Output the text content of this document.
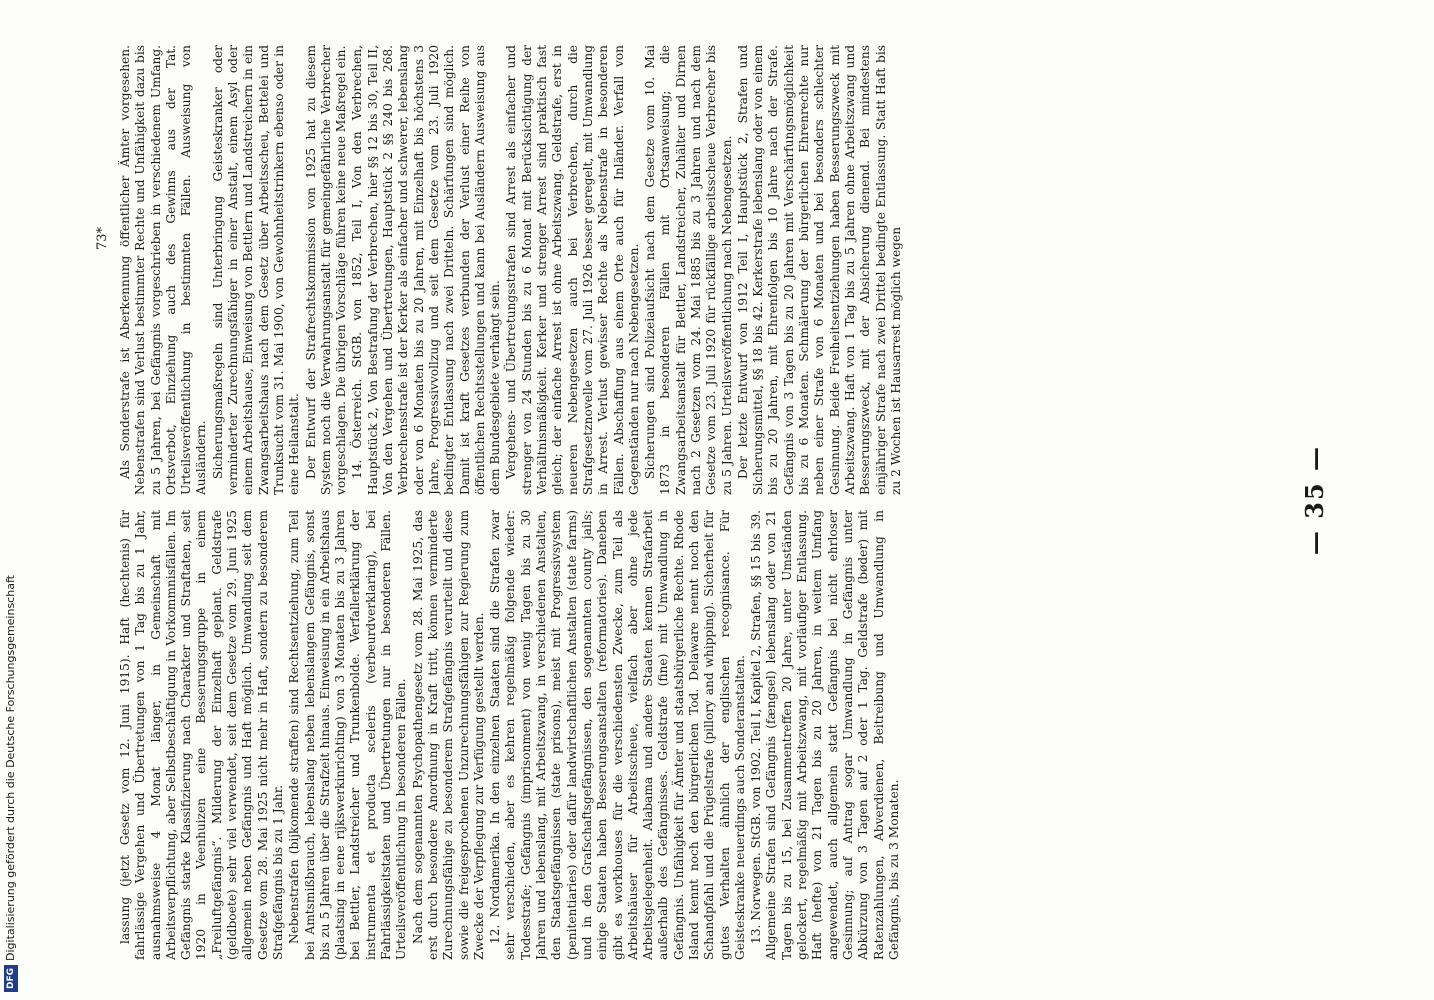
DFGDigitalisierung gefördert durch die Deutsche Forschungsgemeinschaft
73*

lassung (jetzt Gesetz vom 12. Juni 1915). Haft (hechtenis) für fahrlässige Vergehen und Übertretungen von 1 Tag bis zu 1 Jahr, ausnahmsweise 4 Monat länger, in Gemeinschaft mit Arbeitsverpflichtung, aber Selbstbeschäftigung in Vorkommnisfällen. Im Gefängnis starke Klassifizierung nach Charakter und Straftaten, seit 1920 in Veenhuizen eine Besserungsgruppe in einem „Freiluftgefängnis“. Milderung der Einzelhaft geplant. Geldstrafe (geldboete) sehr viel verwendet, seit dem Gesetze vom 29. Juni 1925 allgemein neben Gefängnis und Haft möglich. Umwandlung seit dem Gesetze vom 28. Mai 1925 nicht mehr in Haft, sondern zu besonderem Strafgefängnis bis zu 1 Jahr. Nebenstrafen (bijkomende straffen) sind Rechtsentziehung, zum Teil bei Amtsmißbrauch, lebenslang neben lebenslangem Gefängnis, sonst bis zu 5 Jahren über die Strafzeit hinaus. Einweisung in ein Arbeitshaus (plaatsing in eene rijkswerkinrichting) von 3 Monaten bis zu 3 Jahren bei Bettler, Landstreicher und Trunkenbolde. Verfallerklärung der instrumenta et producta sceleris (verbeurdverklaring), bei Fahrlässigkeitstaten und Übertretungen nur in besonderen Fällen. Urteilsveröffentlichung in besonderen Fällen. Nach dem sogenannten Psychopathengesetz vom 28. Mai 1925, das erst durch besondere Anordnung in Kraft tritt, können verminderte Zurechnungsfähige zu besonderem Strafgefängnis verurteilt und diese sowie die freigesprochenen Unzurechnungsfähigen zur Regierung zum Zwecke der Verpflegung zur Verfügung gestellt werden. 12. Nordamerika. In den einzelnen Staaten sind die Strafen zwar sehr verschieden, aber es kehren regelmäßig folgende wieder: Todesstrafe; Gefängnis (imprisonment) von wenig Tagen bis zu 30 Jahren und lebenslang, mit Arbeitszwang, in verschiedenen Anstalten, den Staatsgefängnissen (state prisons), meist mit Progressivsystem (penitentiaries) oder dafür landwirtschaftlichen Anstalten (state farms) und in den Grafschaftsgefängnissen, den sogenannten county jails; einige Staaten haben Besserungsanstalten (reformatories). Daneben gibt es workhouses für die verschiedensten Zwecke, zum Teil als Arbeitshäuser für Arbeitsscheue, vielfach aber ohne jede Arbeitsgelegenheit. Alabama und andere Staaten kennen Strafarbeit außerhalb des Gefängnisses. Geldstrafe (fine) mit Umwandlung in Gefängnis. Unfähigkeit für Ämter und staatsbürgerliche Rechte. Rhode Island kennt noch den bürgerlichen Tod. Delaware nennt noch den Schandpfahl und die Prügelstrafe (pillory and whipping). Sicherheit für gutes Verhalten ähnlich der englischen recognisance. Für Geisteskranke neuerdings auch Sonderanstalten. 13. Norwegen. StGB. von 1902. Teil I, Kapitel 2, Strafen, §§ 15 bis 39. Allgemeine Strafen sind Gefängnis (fængsel) lebenslang oder von 21 Tagen bis zu 15, bei Zusammentreffen 20 Jahre, unter Umständen gelockert, regelmäßig mit Arbeitszwang, mit vorläufiger Entlassung. Haft (hefte) von 21 Tagen bis zu 20 Jahren, in weitem Umfang angewendet, auch allgemein statt Gefängnis bei nicht ehrloser Gesinnung; auf Antrag sogar Umwandlung in Gefängnis unter Abkürzung von 3 Tagen auf 2 oder 1 Tag. Geldstrafe (bøder) mit Ratenzahlungen, Abverdienen, Beitreibung und Umwandlung in Gefängnis, bis zu 3 Monaten.

Als Sonderstrafe ist Aberkennung öffentlicher Ämter vorgesehen. Nebenstrafen sind Verlust bestimmter Rechte und Unfähigkeit dazu bis zu 5 Jahren, bei Gefängnis vorgeschrieben in verschiedenem Umfang. Ortsverbot, Einziehung auch des Gewinns aus der Tat. Urteilsveröffentlichung in bestimmten Fällen. Ausweisung von Ausländern. Sicherungsmaßregeln sind Unterbringung Geisteskranker oder verminderter Zurechnungsfähiger in einer Anstalt, einem Asyl oder einem Arbeitshause, Einweisung von Bettlern und Landstreichern in ein Zwangsarbeitshaus nach dem Gesetz über Arbeitsscheu, Bettelei und Trunksucht vom 31. Mai 1900, von Gewohnheitstrinkern ebenso oder in eine Heilanstalt. Der Entwurf der Strafrechtskommission von 1925 hat zu diesem System noch die Verwahrungsanstalt für gemeingefährliche Verbrecher vorgeschlagen. Die übrigen Vorschläge führen keine neue Maßregel ein. 14. Österreich. StGB. von 1852, Teil I, Von den Verbrechen, Hauptstück 2, Von Bestrafung der Verbrechen, hier §§ 12 bis 30, Teil II, Von den Vergehen und Übertretungen, Hauptstück 2 §§ 240 bis 268. Verbrechensstrafe ist der Kerker als einfacher und schwerer, lebenslang oder von 6 Monaten bis zu 20 Jahren, mit Einzelhaft bis höchstens 3 Jahre, Progressivvollzug und seit dem Gesetze vom 23. Juli 1920 bedingter Entlassung nach zwei Dritteln. Schärfungen sind möglich. Damit ist kraft Gesetzes verbunden der Verlust einer Reihe von öffentlichen Rechtsstellungen und kann bei Ausländern Ausweisung aus dem Bundesgebiete verhängt sein. Vergehens- und Übertretungsstrafen sind Arrest als einfacher und strenger von 24 Stunden bis zu 6 Monat mit Berücksichtigung der Verhältnismäßigkeit. Kerker und strenger Arrest sind praktisch fast gleich; der einfache Arrest ist ohne Arbeitszwang. Geldstrafe, erst in neueren Nebengesetzen auch bei Verbrechen, durch die Strafgesetznovelle vom 27. Juli 1926 besser geregelt, mit Umwandlung in Arrest. Verlust gewisser Rechte als Nebenstrafe in besonderen Fällen. Abschaffung aus einem Orte auch für Inländer. Verfall von Gegenständen nur nach Nebengesetzen. Sicherungen sind Polizeiaufsicht nach dem Gesetze vom 10. Mai 1873 in besonderen Fällen mit Ortsanweisung; die Zwangsarbeitsanstalt für Bettler, Landstreicher, Zuhälter und Dirnen nach 2 Gesetzen vom 24. Mai 1885 bis zu 3 Jahren und nach dem Gesetze vom 23. Juli 1920 für rückfällige arbeitsscheue Verbrecher bis zu 5 Jahren. Urteilsveröffentlichung nach Nebengesetzen. Der letzte Entwurf von 1912 Teil I, Hauptstück 2, Strafen und Sicherungsmittel, §§ 18 bis 42. Kerkerstrafe lebenslang oder von einem bis zu 20 Jahren, mit Ehrenfolgen bis 10 Jahre nach der Strafe. Gefängnis von 3 Tagen bis zu 20 Jahren mit Verschärfungsmöglichkeit bis zu 6 Monaten. Schmälerung der bürgerlichen Ehrenrechte nur neben einer Strafe von 6 Monaten und bei besonders schlechter Gesinnung. Beide Freiheitsentziehungen haben Besserungszweck mit Arbeitszwang. Haft von 1 Tag bis zu 5 Jahren ohne Arbeitszwang und Besserungszweck, mit der Absicherung dienend. Bei mindestens einjähriger Strafe nach zwei Drittel bedingte Entlassung. Statt Haft bis zu 2 Wochen ist Hausarrest möglich wegen

— 35 —
